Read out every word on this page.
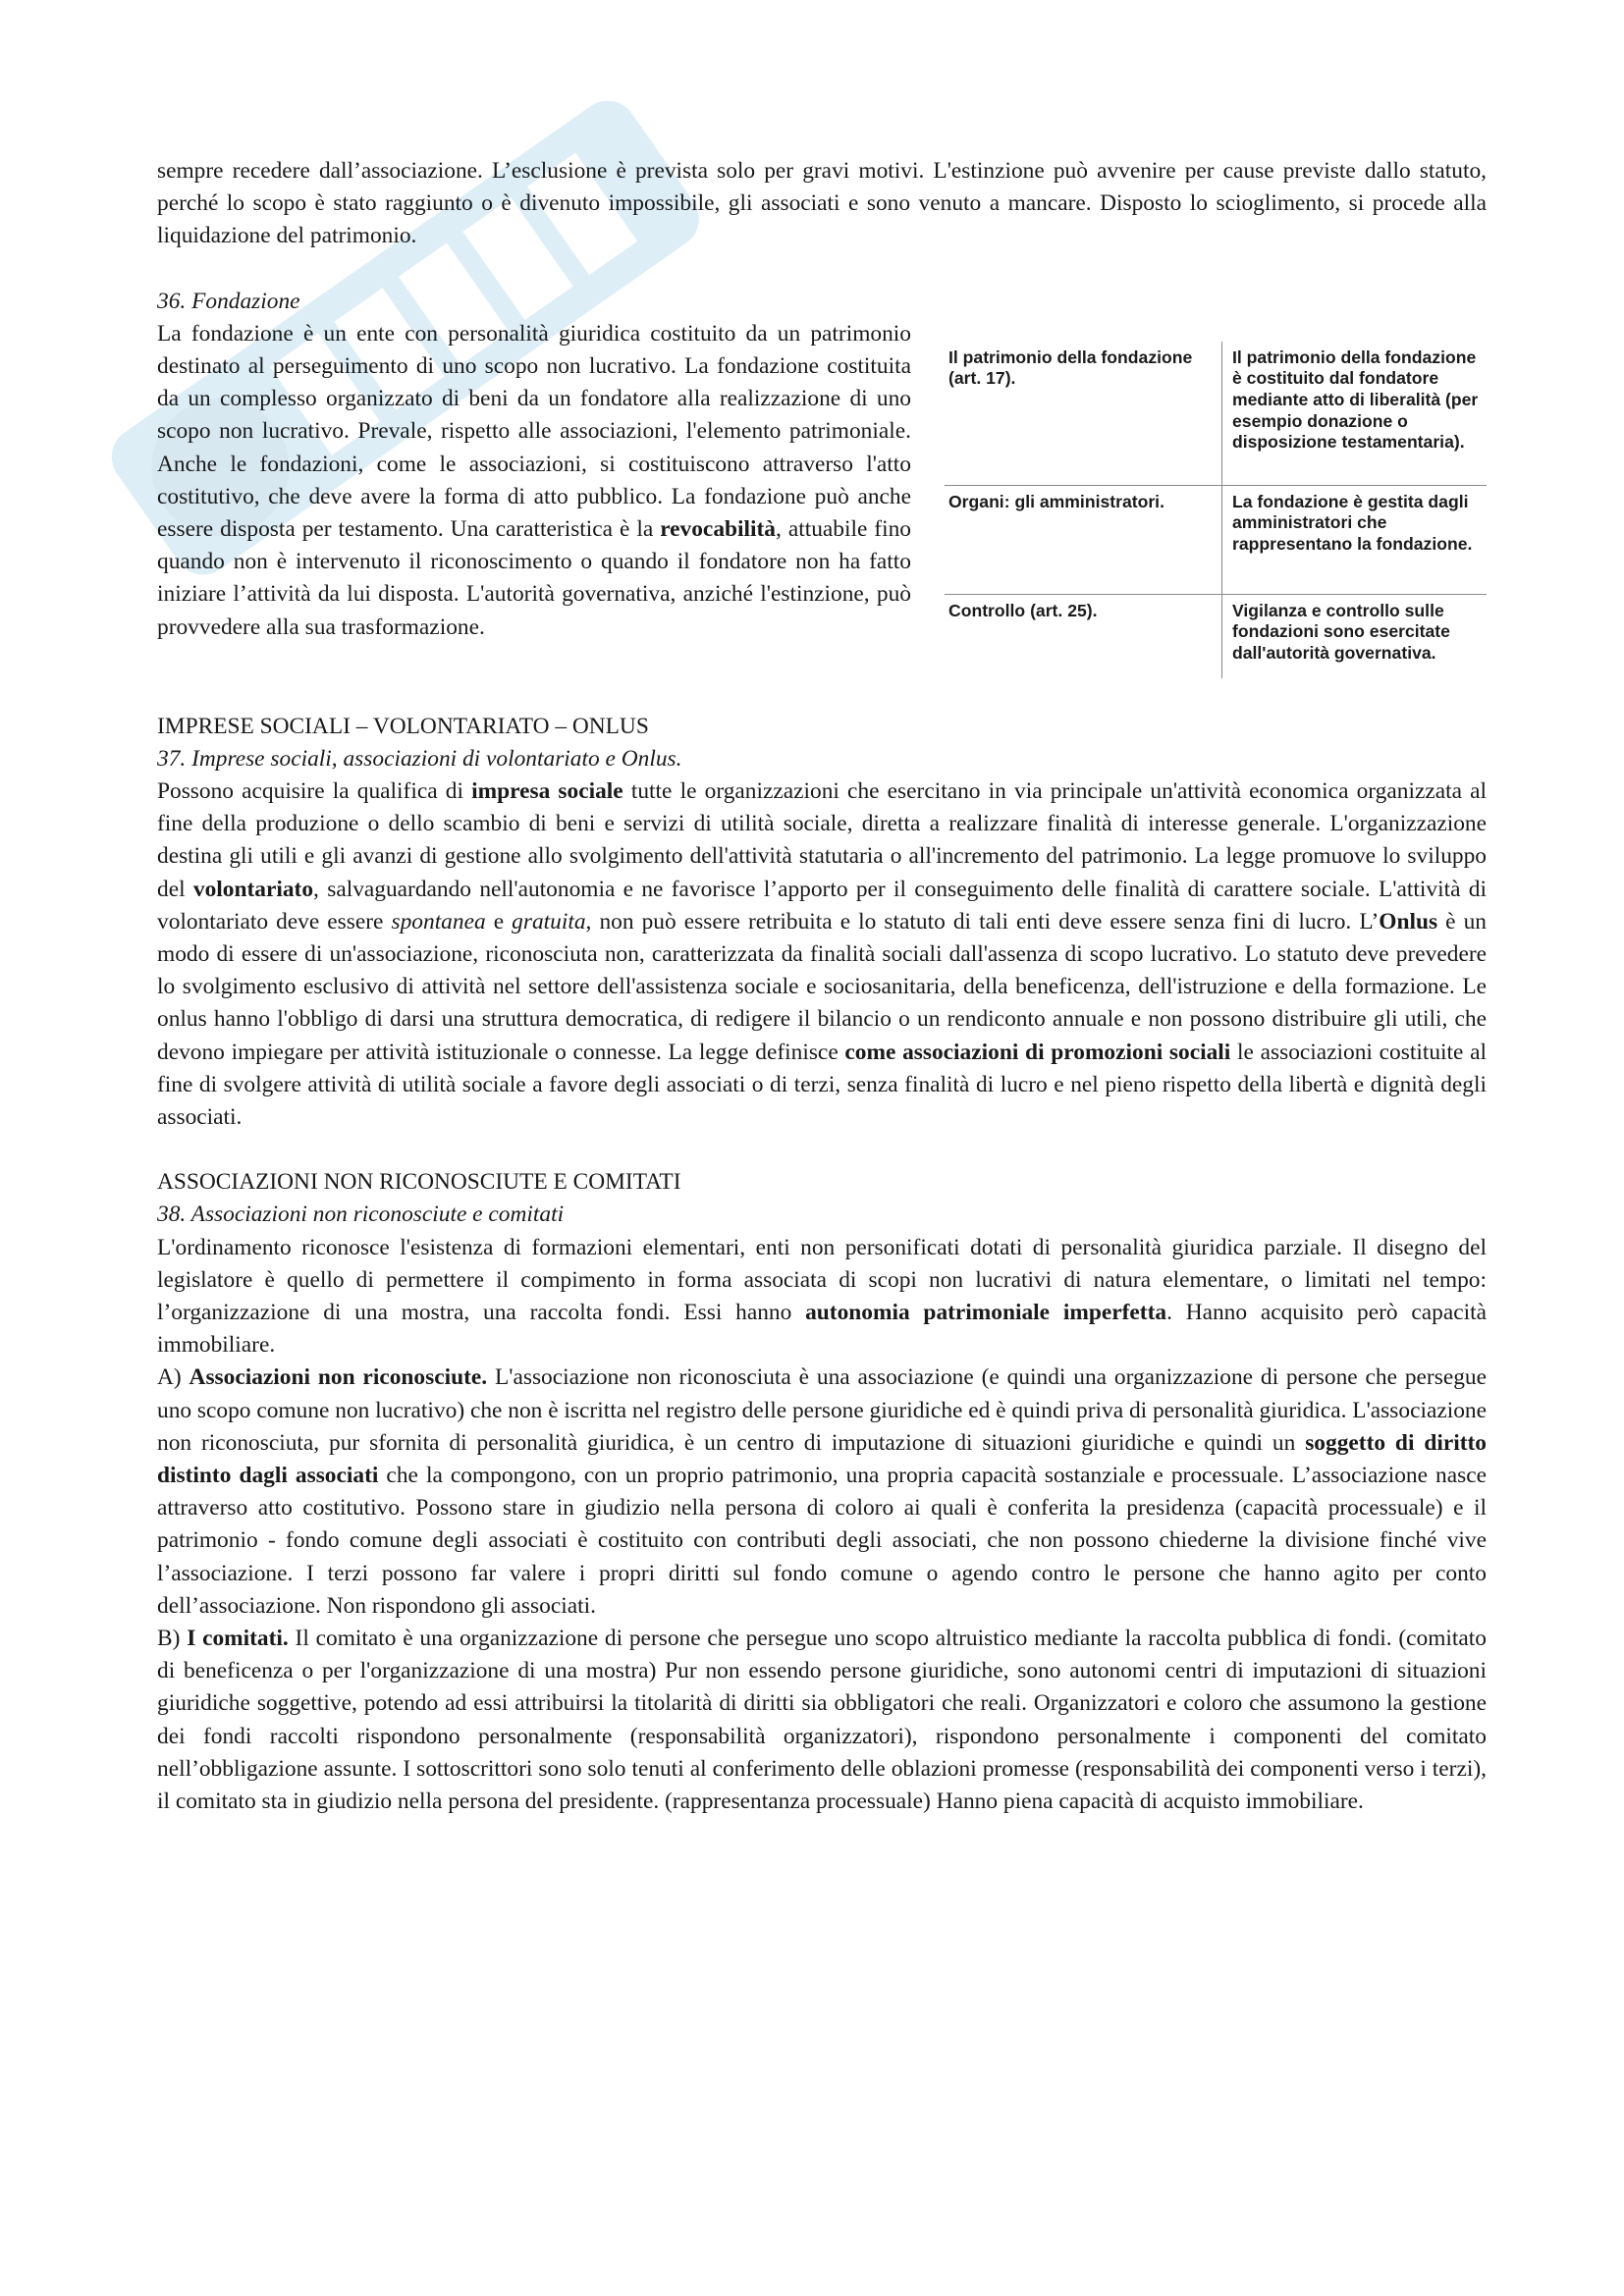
sempre recedere dall’associazione. L’esclusione è prevista solo per gravi motivi. L'estinzione può avvenire per cause previste dallo statuto, perché lo scopo è stato raggiunto o è divenuto impossibile, gli associati e sono venuto a mancare. Disposto lo scioglimento, si procede alla liquidazione del patrimonio.

36. Fondazione

La fondazione è un ente con personalità giuridica costituito da un patrimonio destinato al perseguimento di uno scopo non lucrativo. La fondazione costituita da un complesso organizzato di beni da un fondatore alla realizzazione di uno scopo non lucrativo. Prevale, rispetto alle associazioni, l'elemento patrimoniale. Anche le fondazioni, come le associazioni, si costituiscono attraverso l'atto costitutivo, che deve avere la forma di atto pubblico. La fondazione può anche essere disposta per testamento. Una caratteristica è la revocabilità, attuabile fino quando non è intervenuto il riconoscimento o quando il fondatore non ha fatto iniziare l’attività da lui disposta. L'autorità governativa, anziché l'estinzione, può provvedere alla sua trasformazione.

Il patrimonio della fondazione (art. 17).
Il patrimonio della fondazione è costituito dal fondatore mediante atto di liberalità (per esempio donazione o disposizione testamentaria).
Organi: gli amministratori.	La fondazione è gestita dagli amministratori che rappresentano la fondazione.
Controllo (art. 25).	Vigilanza e controllo sulle fondazioni sono esercitate dall'autorità governativa.

IMPRESE SOCIALI – VOLONTARIATO – ONLUS

37. Imprese sociali, associazioni di volontariato e Onlus.

Possono acquisire la qualifica di impresa sociale tutte le organizzazioni che esercitano in via principale un'attività economica organizzata al fine della produzione o dello scambio di beni e servizi di utilità sociale, diretta a realizzare finalità di interesse generale. L'organizzazione destina gli utili e gli avanzi di gestione allo svolgimento dell'attività statutaria o all'incremento del patrimonio. La legge promuove lo sviluppo del volontariato, salvaguardando nell'autonomia e ne favorisce l’apporto per il conseguimento delle finalità di carattere sociale. L'attività di volontariato deve essere spontanea e gratuita, non può essere retribuita e lo statuto di tali enti deve essere senza fini di lucro. L’Onlus è un modo di essere di un'associazione, riconosciuta non, caratterizzata da finalità sociali dall'assenza di scopo lucrativo. Lo statuto deve prevedere lo svolgimento esclusivo di attività nel settore dell'assistenza sociale e sociosanitaria, della beneficenza, dell'istruzione e della formazione. Le onlus hanno l'obbligo di darsi una struttura democratica, di redigere il bilancio o un rendiconto annuale e non possono distribuire gli utili, che devono impiegare per attività istituzionale o connesse. La legge definisce come associazioni di promozioni sociali le associazioni costituite al fine di svolgere attività di utilità sociale a favore degli associati o di terzi, senza finalità di lucro e nel pieno rispetto della libertà e dignità degli associati.

ASSOCIAZIONI NON RICONOSCIUTE E COMITATI

38. Associazioni non riconosciute e comitati

L'ordinamento riconosce l'esistenza di formazioni elementari, enti non personificati dotati di personalità giuridica parziale. Il disegno del legislatore è quello di permettere il compimento in forma associata di scopi non lucrativi di natura elementare, o limitati nel tempo: l’organizzazione di una mostra, una raccolta fondi. Essi hanno autonomia patrimoniale imperfetta. Hanno acquisito però capacità immobiliare.

A) Associazioni non riconosciute. L'associazione non riconosciuta è una associazione (e quindi una organizzazione di persone che persegue uno scopo comune non lucrativo) che non è iscritta nel registro delle persone giuridiche ed è quindi priva di personalità giuridica. L'associazione non riconosciuta, pur sfornita di personalità giuridica, è un centro di imputazione di situazioni giuridiche e quindi un soggetto di diritto distinto dagli associati che la compongono, con un proprio patrimonio, una propria capacità sostanziale e processuale. L’associazione nasce attraverso atto costitutivo. Possono stare in giudizio nella persona di coloro ai quali è conferita la presidenza (capacità processuale) e il patrimonio - fondo comune degli associati è costituito con contributi degli associati, che non possono chiederne la divisione finché vive l’associazione. I terzi possono far valere i propri diritti sul fondo comune o agendo contro le persone che hanno agito per conto dell’associazione. Non rispondono gli associati.

B) I comitati. Il comitato è una organizzazione di persone che persegue uno scopo altruistico mediante la raccolta pubblica di fondi. (comitato di beneficenza o per l'organizzazione di una mostra) Pur non essendo persone giuridiche, sono autonomi centri di imputazioni di situazioni giuridiche soggettive, potendo ad essi attribuirsi la titolarità di diritti sia obbligatori che reali. Organizzatori e coloro che assumono la gestione dei fondi raccolti rispondono personalmente (responsabilità organizzatori), rispondono personalmente i componenti del comitato nell’obbligazione assunte. I sottoscrittori sono solo tenuti al conferimento delle oblazioni promesse (responsabilità dei componenti verso i terzi), il comitato sta in giudizio nella persona del presidente. (rappresentanza processuale) Hanno piena capacità di acquisto immobiliare.
